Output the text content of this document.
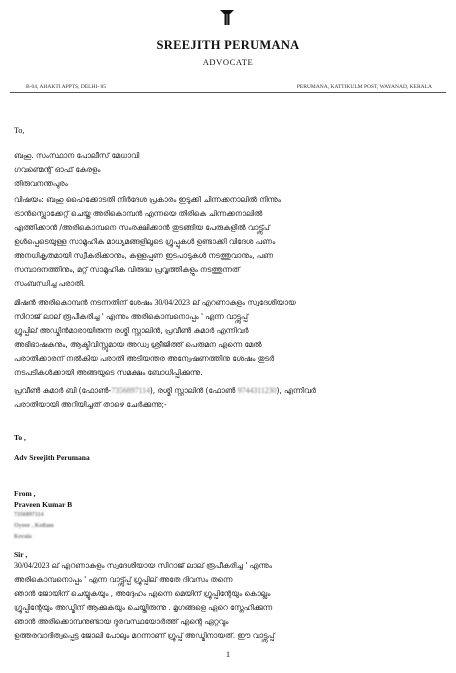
SREEJITH PERUMANA
ADVOCATE
B-04, AHAKTI APPTS, DELHI- 85	PERUMANA, KATTIKULM POST, WAYANAD, KERALA
To,
ബഹു. സംസ്ഥാന പോലീസ് മേധാവി
ഗവണ്മെന്റ് ഓഫ് കേരളം
തിരുവനന്തപുരം
വിഷയം: ബഹു ഹൈക്കോടതി നിർദേശ പ്രകാരം ഇടുക്കി ചിന്നക്കനാലിൽ നിന്നും
ട്രാൻസ്ലൊക്കേറ്റ് ചെയ്ത അരികൊമ്പൻ എന്നയെ തിരികെ ചിന്നക്കനാലിൽ
എത്തിക്കാൻ /അരികൊമ്പനെ സംരക്ഷിക്കാൻ തുടങ്ങിയ പേരുകളിൽ വാട്ട്സ്പ്
ഉൾപ്പെടെയുള്ള സാമൂഹിക മാധ്യമങ്ങളിലൂടെ ഗ്രൂപ്പുകൾ ഉണ്ടാക്കി വിദേശ പണം
അനധികൃതമായി സ്വീകരിക്കാനും, കള്ളപ്പണ ഇടപാടുകൾ നടത്തുവാനും, പണ
സമ്പാദനത്തിനും, മറ്റ് സാമൂഹിക വിരുദ്ധ പ്രവൃത്തികളും നടത്തുന്നത്
സംബന്ധിച്ച പരാതി.
മിഷൻ അരികൊമ്പൻ നടന്നതിന് ശേഷം 30/04/2023 ല് എറണാകുളം സ്വദേശിയായ
സിറാജ് ലാല് രൂപീകരിച്ച ' എന്നും അരികൊമ്പനൊപ്പം ' എന്ന വാട്ട്സപ്പ്
ഗ്രൂപ്പില് അഡ്മിൻമാരായിരുന്ന രശ്മി സ്റ്റാലിൻ, പ്രവീൺ കുമാർ എന്നിവർ
അഭിഭാഷകനും, ആക്ടിവിസ്റ്റുമായ അഡ്വ ശ്രീജിത്ത് പെരുമന എന്നെ മേൽ
പരാതിക്കാരന് നൽകിയ പരാതി അടിയന്തര അന്വേഷണത്തിനു ശേഷം തുടർ
നടപടികൾക്കായി അങ്ങയുടെ സമക്ഷം ബോധിപ്പിക്കുന്നു.
പ്രവീൺ കുമാർ ബി (ഫോൺ-7356897114), രശ്മി സ്റ്റാലിൻ (ഫോൺ 9744311230), എന്നിവർ
പരാതിയായി അറിയിച്ചത് താഴെ ചേർക്കുന്നു;-
To ,
Adv Sreejith Perumana
From ,
Praveen Kumar B
7356897114
Oyoor , Kollam
Kerala
Sir ,
30/04/2023 ല് എറണാകുളം സ്വദേശിയായ സിറാജ് ലാല് രൂപീകരിച്ച ' എന്നും
അരികൊമ്പനൊപ്പം ' എന്ന വാട്ട്സ്പ്പ് ഗ്രൂപ്പില് അതേ ദിവസം തന്നെ
ഞാൻ ജോയിന് ചെയ്യുകയും , അദ്ദേഹം എന്നെ മെയിന് ഗ്രൂപ്പിന്റേയും കൊല്ലം
ഗ്രൂപ്പിന്റേയും അഡ്മിന് ആക്കുകയും ചെയ്തിരുന്നു . മൃഗങ്ങളെ ഏറെ സ്നേഹിക്കുന്ന
ഞാൻ അരിക്കൊമ്പനുണ്ടായ ദുരവസ്ഥയോർത്ത് എന്റെ ഏറ്റവും
ഉത്തരവാദിത്വപ്പെട്ട ജോലി പോലും മറന്നാണ് ഗ്രൂപ്പ് അഡ്മിനായത്. ഈ വാട്ട്സപ്പ്
1
